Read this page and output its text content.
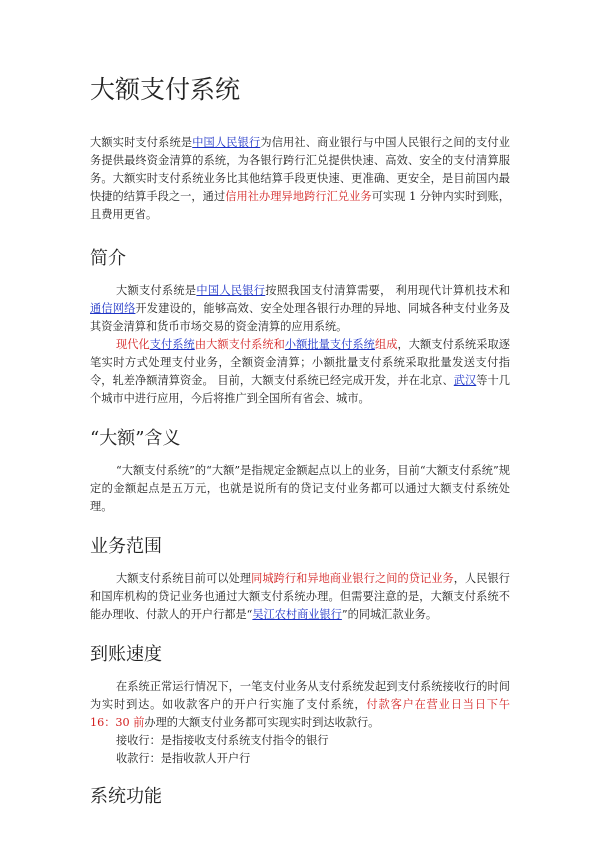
大额支付系统

大额实时支付系统是中国人民银行为信用社、商业银行与中国人民银行之间的支付业务提供最终资金清算的系统，为各银行跨行汇兑提供快速、高效、安全的支付清算服务。大额实时支付系统业务比其他结算手段更快速、更准确、更安全，是目前国内最快捷的结算手段之一，通过信用社办理异地跨行汇兑业务可实现 1 分钟内实时到账，且费用更省。

简介

大额支付系统是中国人民银行按照我国支付清算需要， 利用现代计算机技术和通信网络开发建设的，能够高效、安全处理各银行办理的异地、同城各种支付业务及其资金清算和货币市场交易的资金清算的应用系统。

现代化支付系统由大额支付系统和小额批量支付系统组成，大额支付系统采取逐笔实时方式处理支付业务，全额资金清算；小额批量支付系统采取批量发送支付指令，轧差净额清算资金。 目前，大额支付系统已经完成开发，并在北京、武汉等十几个城市中进行应用，今后将推广到全国所有省会、城市。

“大额”含义

“大额支付系统”的“大额”是指规定金额起点以上的业务，目前“大额支付系统”规定的金额起点是五万元，也就是说所有的贷记支付业务都可以通过大额支付系统处理。

业务范围

大额支付系统目前可以处理同城跨行和异地商业银行之间的贷记业务，人民银行和国库机构的贷记业务也通过大额支付系统办理。但需要注意的是，大额支付系统不能办理收、付款人的开户行都是“吴江农村商业银行”的同城汇款业务。

到账速度

在系统正常运行情况下，一笔支付业务从支付系统发起到支付系统接收行的时间为实时到达。如收款客户的开户行实施了支付系统，付款客户在营业日当日下午 16：30 前办理的大额支付业务都可实现实时到达收款行。

接收行：是指接收支付系统支付指令的银行
收款行：是指收款人开户行
系统功能
